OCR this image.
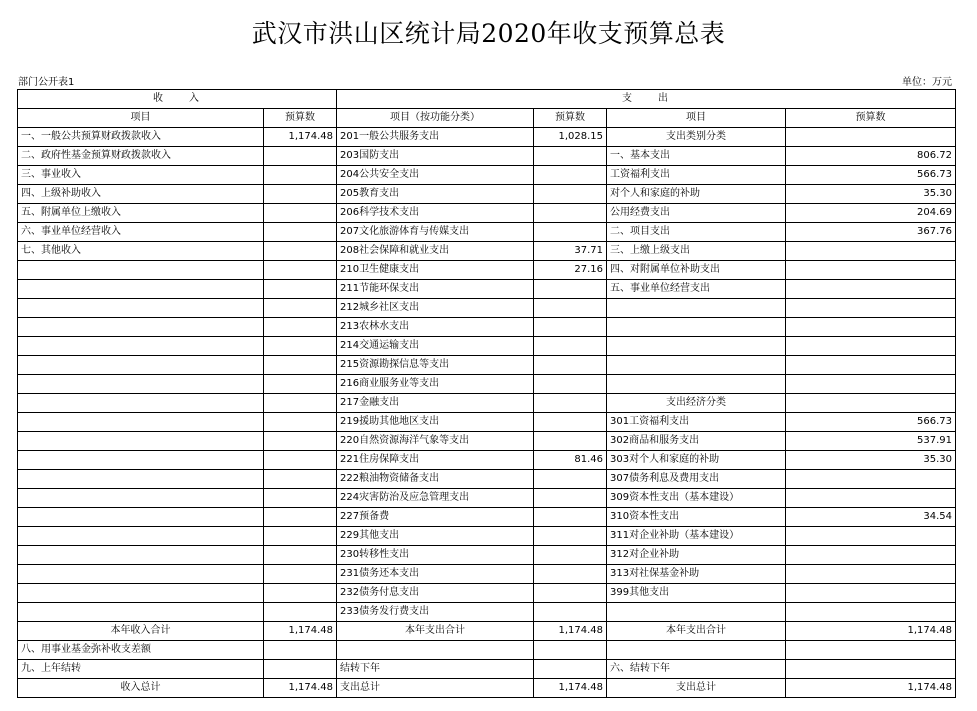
武汉市洪山区统计局2020年收支预算总表
部门公开表1	单位：万元
收　　入		支　　出			
项目	预算数	项目（按功能分类）	预算数	项目	预算数
一、一般公共预算财政拨款收入	1,174.48	201一般公共服务支出	1,028.15	支出类别分类	
二、政府性基金预算财政拨款收入		203国防支出		一、基本支出	806.72
三、事业收入		204公共安全支出		工资福利支出	566.73
四、上级补助收入		205教育支出		对个人和家庭的补助	35.30
五、附属单位上缴收入		206科学技术支出		公用经费支出	204.69
六、事业单位经营收入		207文化旅游体育与传媒支出		二、项目支出	367.76
七、其他收入		208社会保障和就业支出	37.71	三、上缴上级支出	
		210卫生健康支出	27.16	四、对附属单位补助支出	
		211节能环保支出		五、事业单位经营支出	
		212城乡社区支出			
		213农林水支出			
		214交通运输支出			
		215资源勘探信息等支出			
		216商业服务业等支出			
		217金融支出		支出经济分类	
		219援助其他地区支出		301工资福利支出	566.73
		220自然资源海洋气象等支出		302商品和服务支出	537.91
		221住房保障支出	81.46	303对个人和家庭的补助	35.30
		222粮油物资储备支出		307债务利息及费用支出	
		224灾害防治及应急管理支出		309资本性支出（基本建设）	
		227预备费		310资本性支出	34.54
		229其他支出		311对企业补助（基本建设）	
		230转移性支出		312对企业补助	
		231债务还本支出		313对社保基金补助	
		232债务付息支出		399其他支出	
		233债务发行费支出			
本年收入合计	1,174.48	本年支出合计	1,174.48	本年支出合计	1,174.48
八、用事业基金弥补收支差额					
九、上年结转		结转下年		六、结转下年	
收入总计	1,174.48	支出总计	1,174.48	支出总计	1,174.48
